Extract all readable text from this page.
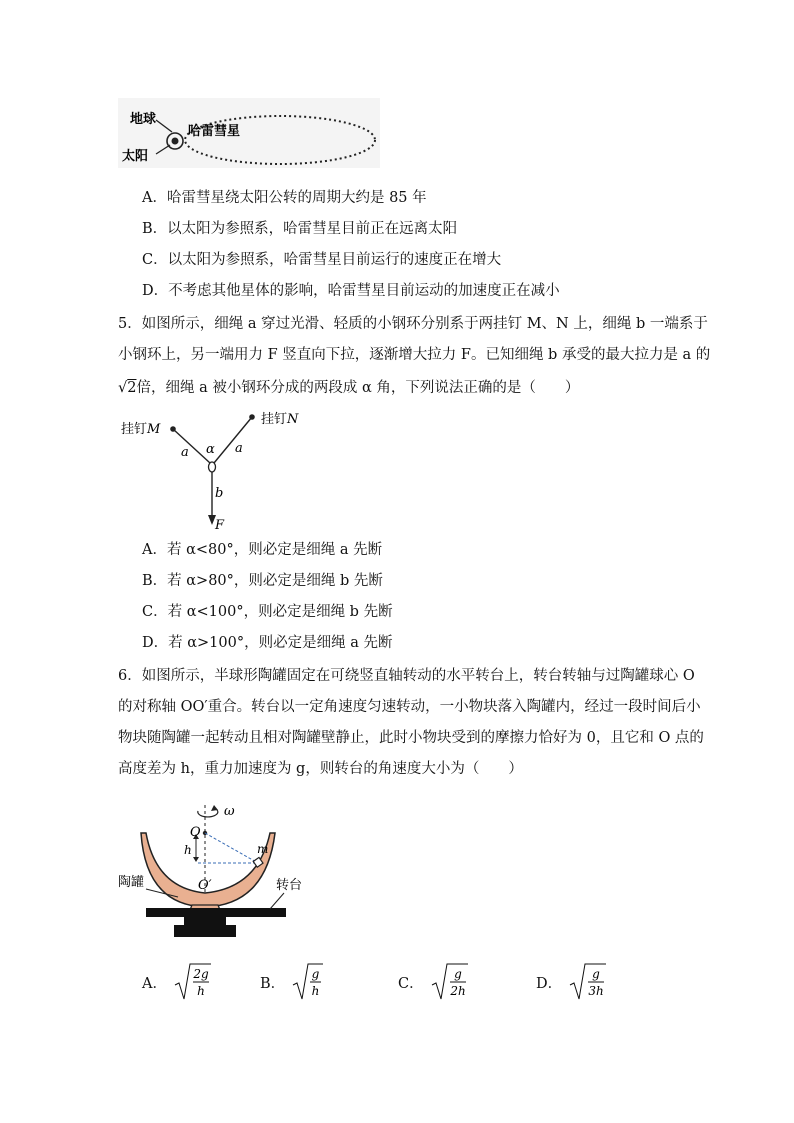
地球
哈雷彗星
太阳
A．哈雷彗星绕太阳公转的周期大约是 85 年
B．以太阳为参照系，哈雷彗星目前正在远离太阳
C．以太阳为参照系，哈雷彗星目前运行的速度正在增大
D．不考虑其他星体的影响，哈雷彗星目前运动的加速度正在减小
5．如图所示，细绳 a 穿过光滑、轻质的小钢环分别系于两挂钉 M、N 上，细绳 b 一端系于
小钢环上，另一端用力 F 竖直向下拉，逐渐增大拉力 F。已知细绳 b 承受的最大拉力是 a 的
√2倍，细绳 a 被小钢环分成的两段成 α 角，下列说法正确的是（　　）
挂钉M
挂钉N
a	a
α
b
F
A．若 α<80°，则必定是细绳 a 先断
B．若 α>80°，则必定是细绳 b 先断
C．若 α<100°，则必定是细绳 b 先断
D．若 α>100°，则必定是细绳 a 先断
6．如图所示，半球形陶罐固定在可绕竖直轴转动的水平转台上，转台转轴与过陶罐球心 O
的对称轴 OO′重合。转台以一定角速度匀速转动，一小物块落入陶罐内，经过一段时间后小
物块随陶罐一起转动且相对陶罐壁静止，此时小物块受到的摩擦力恰好为 0，且它和 O 点的
高度差为 h，重力加速度为 g，则转台的角速度大小为（　　）
ω
O
h	m
O′
陶罐	转台
A．
2g
h	B．
g
h	C．
g
2h	D．
g
3h
